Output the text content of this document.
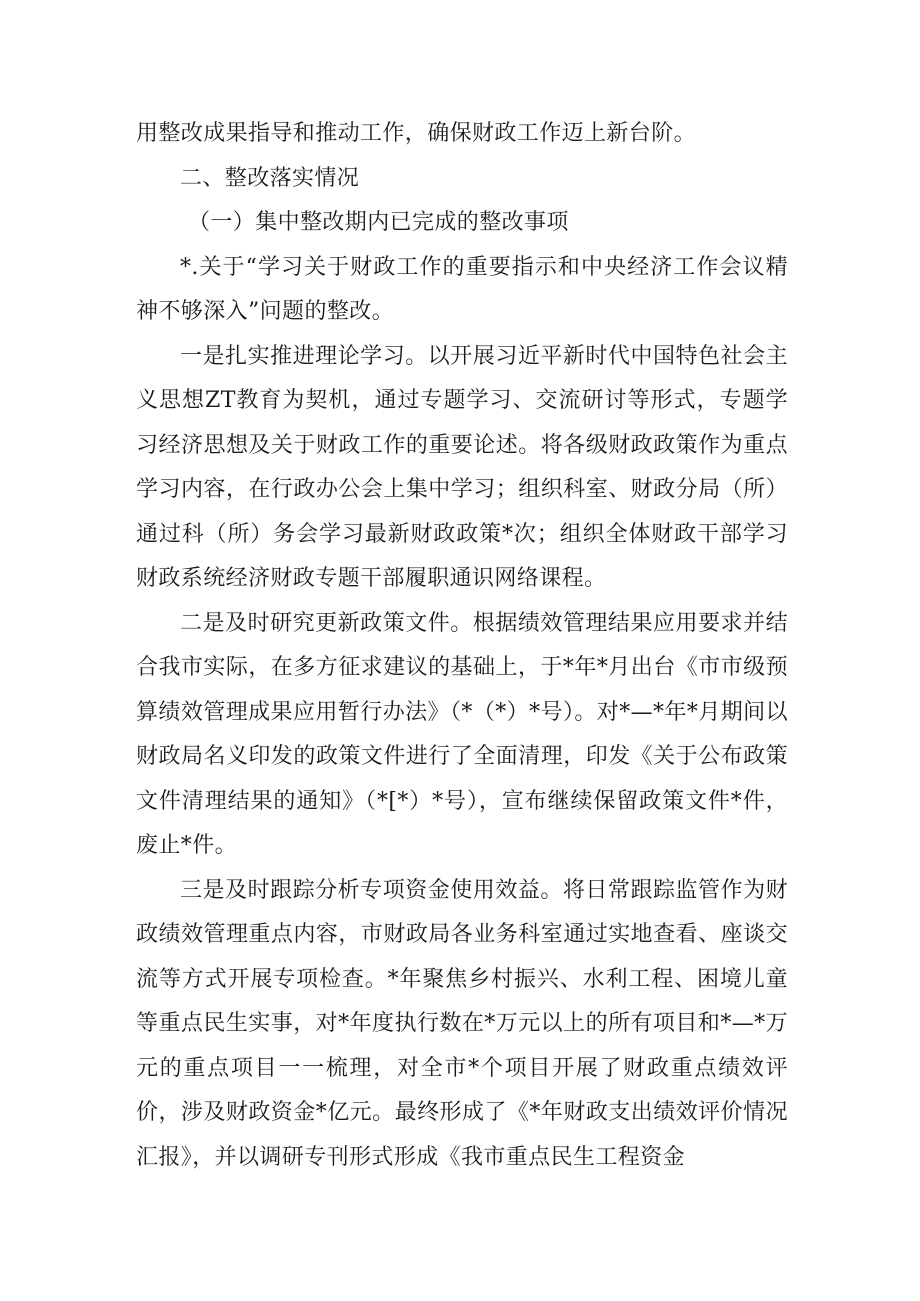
用整改成果指导和推动工作，确保财政工作迈上新台阶。

二、整改落实情况

（一）集中整改期内已完成的整改事项

*.关于“学习关于财政工作的重要指示和中央经济工作会议精神不够深入”问题的整改。

一是扎实推进理论学习。以开展习近平新时代中国特色社会主义思想ZT教育为契机，通过专题学习、交流研讨等形式，专题学习经济思想及关于财政工作的重要论述。将各级财政政策作为重点学习内容，在行政办公会上集中学习；组织科室、财政分局（所）通过科（所）务会学习最新财政政策*次；组织全体财政干部学习财政系统经济财政专题干部履职通识网络课程。

二是及时研究更新政策文件。根据绩效管理结果应用要求并结合我市实际，在多方征求建议的基础上，于*年*月出台《市市级预算绩效管理成果应用暂行办法》（*（*）*号）。对*—*年*月期间以财政局名义印发的政策文件进行了全面清理，印发《关于公布政策文件清理结果的通知》（*[*）*号），宣布继续保留政策文件*件，废止*件。

三是及时跟踪分析专项资金使用效益。将日常跟踪监管作为财政绩效管理重点内容，市财政局各业务科室通过实地查看、座谈交流等方式开展专项检查。*年聚焦乡村振兴、水利工程、困境儿童等重点民生实事，对*年度执行数在*万元以上的所有项目和*—*万元的重点项目一一梳理，对全市*个项目开展了财政重点绩效评价，涉及财政资金*亿元。最终形成了《*年财政支出绩效评价情况汇报》，并以调研专刊形式形成《我市重点民生工程资金
